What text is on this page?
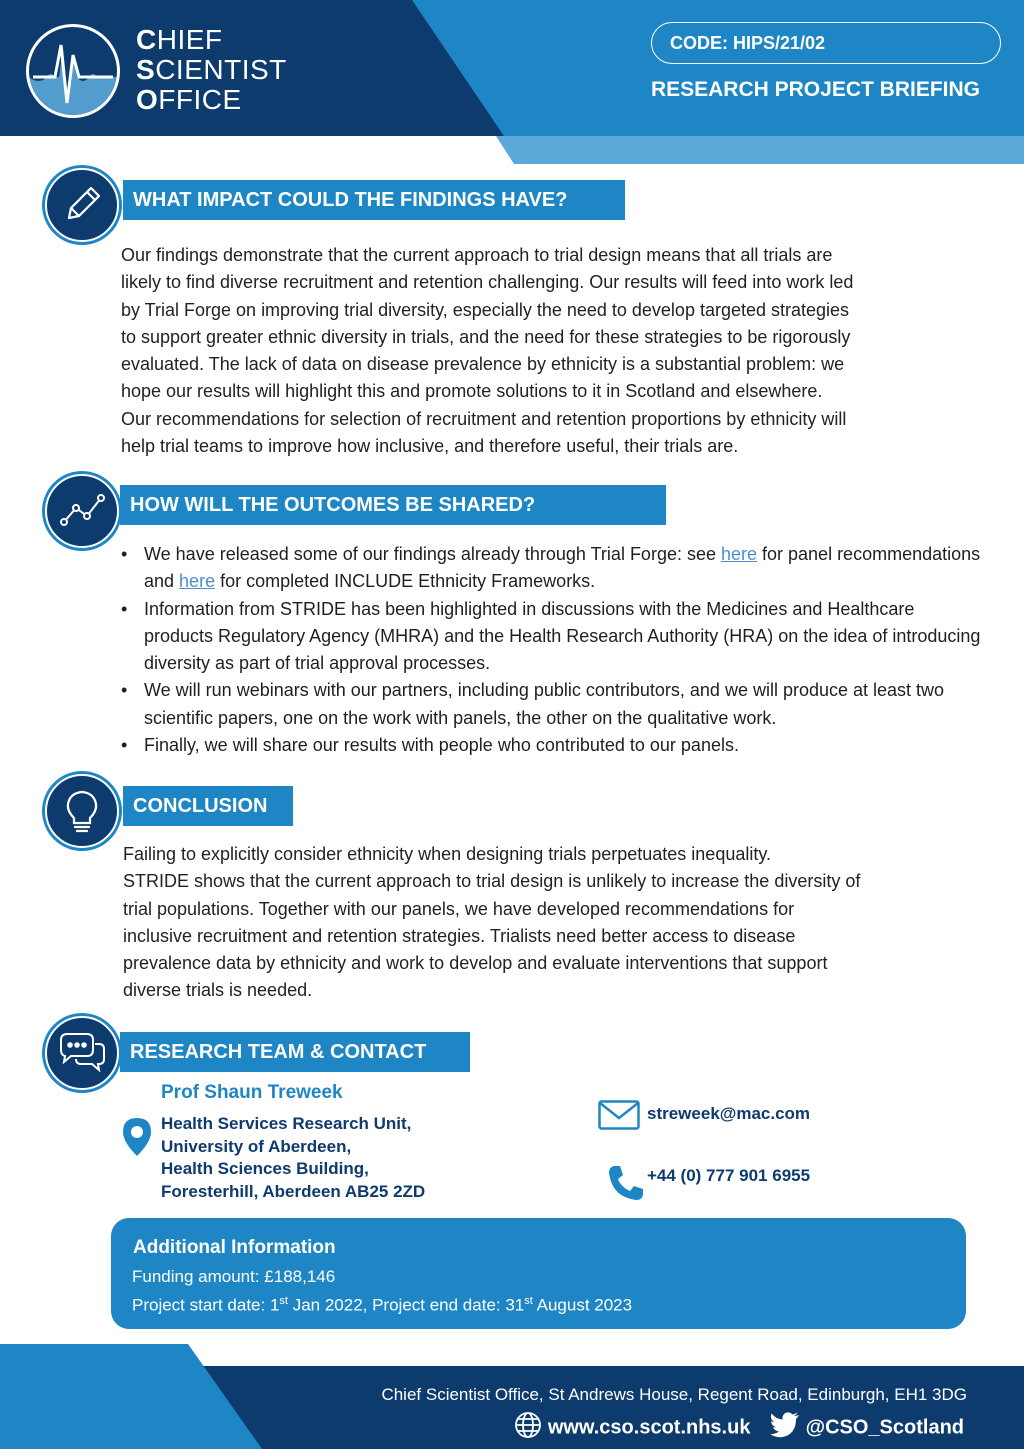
CHIEF
SCIENTIST
OFFICE
CODE: HIPS/21/02
RESEARCH PROJECT BRIEFING
WHAT IMPACT COULD THE FINDINGS HAVE?
Our findings demonstrate that the current approach to trial design means that all trials are
likely to find diverse recruitment and retention challenging. Our results will feed into work led
by Trial Forge on improving trial diversity, especially the need to develop targeted strategies
to support greater ethnic diversity in trials, and the need for these strategies to be rigorously
evaluated. The lack of data on disease prevalence by ethnicity is a substantial problem: we
hope our results will highlight this and promote solutions to it in Scotland and elsewhere.
Our recommendations for selection of recruitment and retention proportions by ethnicity will
help trial teams to improve how inclusive, and therefore useful, their trials are.
HOW WILL THE OUTCOMES BE SHARED?
• We have released some of our findings already through Trial Forge: see here for panel recommendations and here for completed INCLUDE Ethnicity Frameworks.
• Information from STRIDE has been highlighted in discussions with the Medicines and Healthcare products Regulatory Agency (MHRA) and the Health Research Authority (HRA) on the idea of introducing diversity as part of trial approval processes.
• We will run webinars with our partners, including public contributors, and we will produce at least two scientific papers, one on the work with panels, the other on the qualitative work.
• Finally, we will share our results with people who contributed to our panels.
CONCLUSION
Failing to explicitly consider ethnicity when designing trials perpetuates inequality.
STRIDE shows that the current approach to trial design is unlikely to increase the diversity of
trial populations. Together with our panels, we have developed recommendations for
inclusive recruitment and retention strategies. Trialists need better access to disease
prevalence data by ethnicity and work to develop and evaluate interventions that support
diverse trials is needed.
RESEARCH TEAM & CONTACT
Prof Shaun Treweek
Health Services Research Unit,
University of Aberdeen,
Health Sciences Building,
Foresterhill, Aberdeen AB25 2ZD
streweek@mac.com
+44 (0) 777 901 6955
Additional Information
Funding amount: £188,146
Project start date: 1st Jan 2022, Project end date: 31st August 2023
Chief Scientist Office, St Andrews House, Regent Road, Edinburgh, EH1 3DG
www.cso.scot.nhs.uk	@CSO_Scotland
